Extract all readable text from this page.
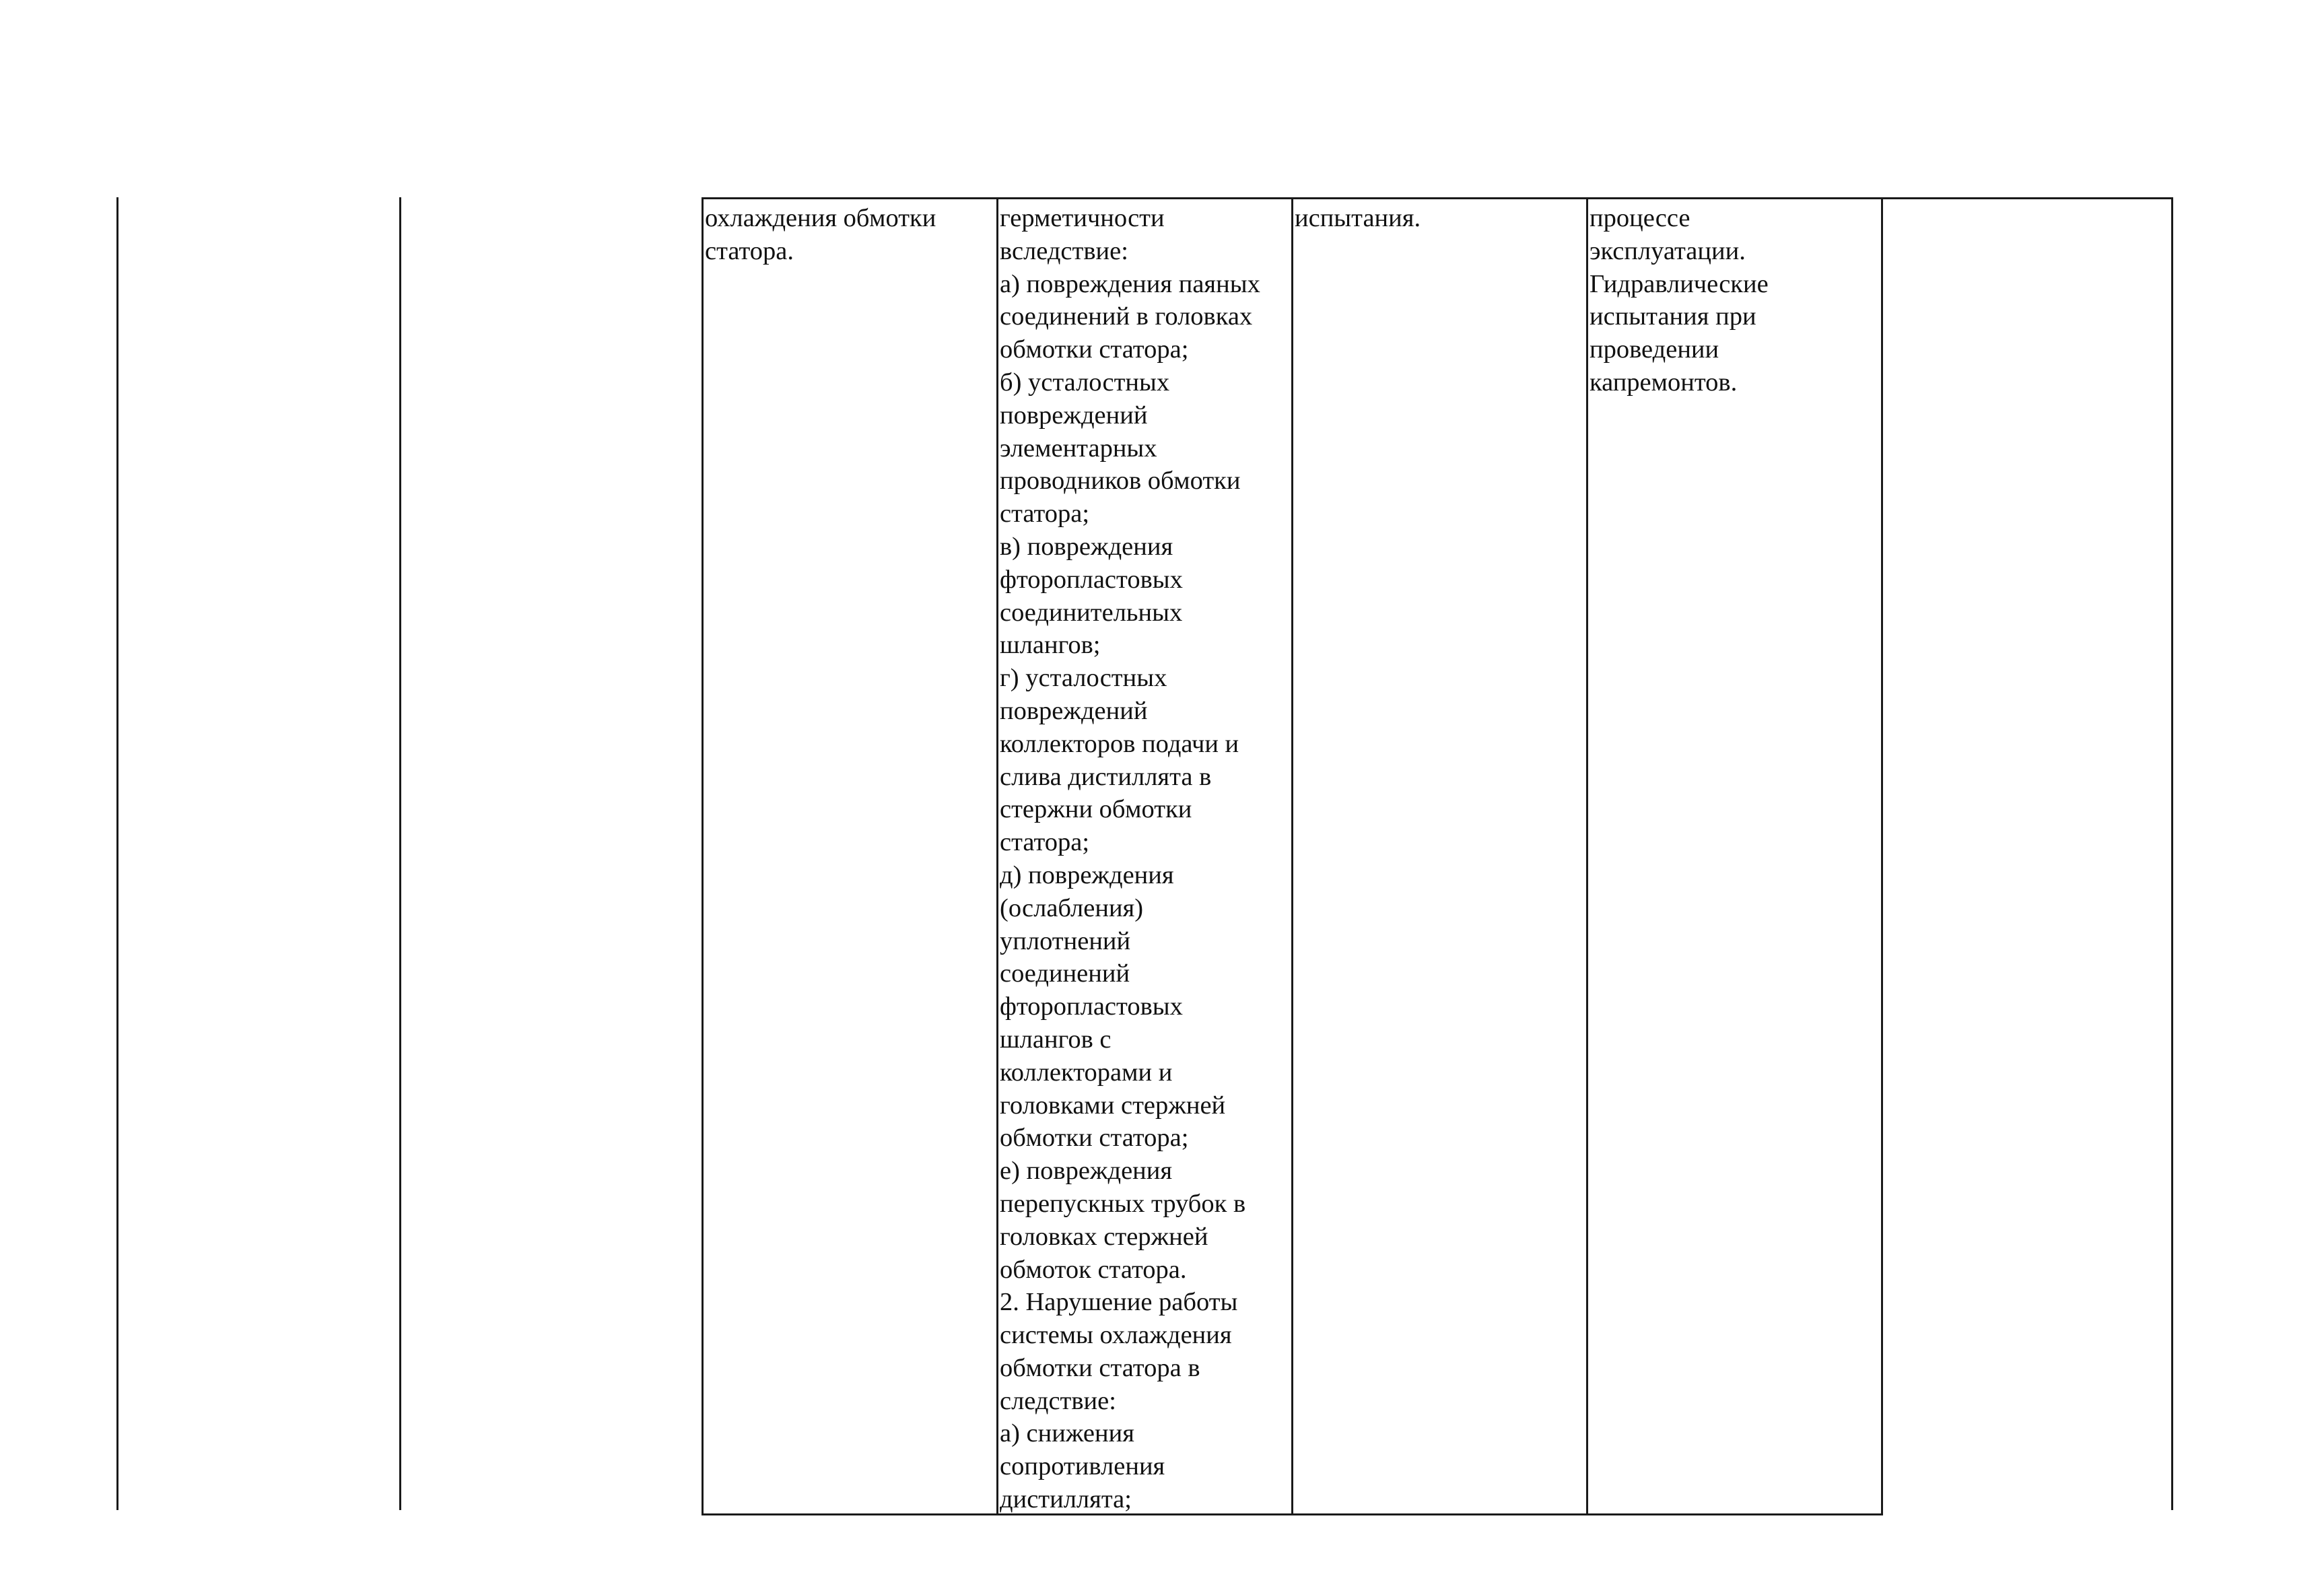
охлаждения обмотки
статора.
герметичности
вследствие:
а) повреждения паяных
соединений в головках
обмотки статора;
б) усталостных
повреждений
элементарных
проводников обмотки
статора;
в) повреждения
фторопластовых
соединительных
шлангов;
г) усталостных
повреждений
коллекторов подачи и
слива дистиллята в
стержни обмотки
статора;
д) повреждения
(ослабления)
уплотнений
соединений
фторопластовых
шлангов с
коллекторами и
головками стержней
обмотки статора;
е) повреждения
перепускных трубок в
головках стержней
обмоток статора.
2. Нарушение работы
системы охлаждения
обмотки статора в
следствие:
а) снижения
сопротивления
дистиллята;
испытания.	процессе
эксплуатации.
Гидравлические
испытания при
проведении
капремонтов.
